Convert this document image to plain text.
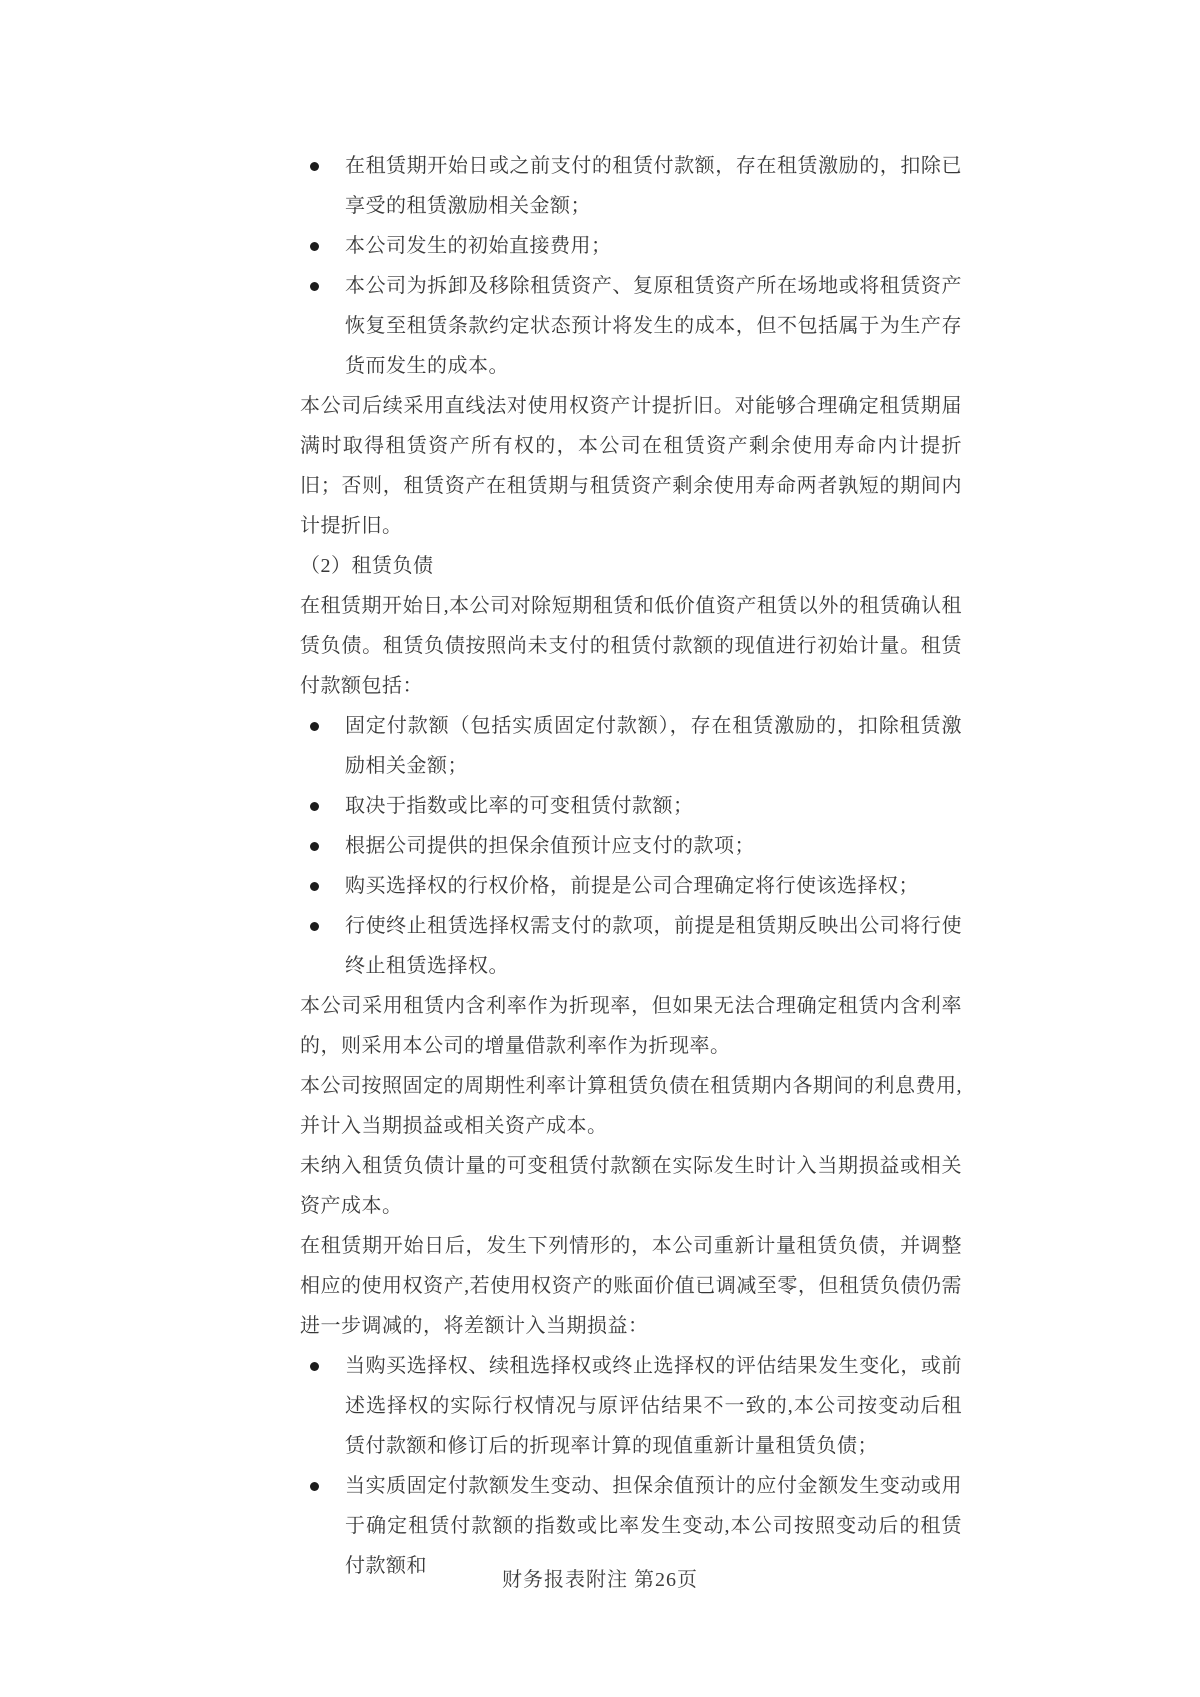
在租赁期开始日或之前支付的租赁付款额，存在租赁激励的，扣除已享受的租赁激励相关金额；
本公司发生的初始直接费用；
本公司为拆卸及移除租赁资产、复原租赁资产所在场地或将租赁资产恢复至租赁条款约定状态预计将发生的成本，但不包括属于为生产存货而发生的成本。

本公司后续采用直线法对使用权资产计提折旧。对能够合理确定租赁期届满时取得租赁资产所有权的，本公司在租赁资产剩余使用寿命内计提折旧；否则，租赁资产在租赁期与租赁资产剩余使用寿命两者孰短的期间内计提折旧。

（2）租赁负债

在租赁期开始日,本公司对除短期租赁和低价值资产租赁以外的租赁确认租赁负债。租赁负债按照尚未支付的租赁付款额的现值进行初始计量。租赁付款额包括：

固定付款额（包括实质固定付款额），存在租赁激励的，扣除租赁激励相关金额；
取决于指数或比率的可变租赁付款额；
根据公司提供的担保余值预计应支付的款项；
购买选择权的行权价格，前提是公司合理确定将行使该选择权；
行使终止租赁选择权需支付的款项，前提是租赁期反映出公司将行使终止租赁选择权。

本公司采用租赁内含利率作为折现率，但如果无法合理确定租赁内含利率的，则采用本公司的增量借款利率作为折现率。

本公司按照固定的周期性利率计算租赁负债在租赁期内各期间的利息费用,并计入当期损益或相关资产成本。

未纳入租赁负债计量的可变租赁付款额在实际发生时计入当期损益或相关资产成本。

在租赁期开始日后，发生下列情形的，本公司重新计量租赁负债，并调整相应的使用权资产,若使用权资产的账面价值已调减至零，但租赁负债仍需进一步调减的，将差额计入当期损益：

当购买选择权、续租选择权或终止选择权的评估结果发生变化，或前述选择权的实际行权情况与原评估结果不一致的,本公司按变动后租赁付款额和修订后的折现率计算的现值重新计量租赁负债；
当实质固定付款额发生变动、担保余值预计的应付金额发生变动或用于确定租赁付款额的指数或比率发生变动,本公司按照变动后的租赁付款额和
财务报表附注 第26页
